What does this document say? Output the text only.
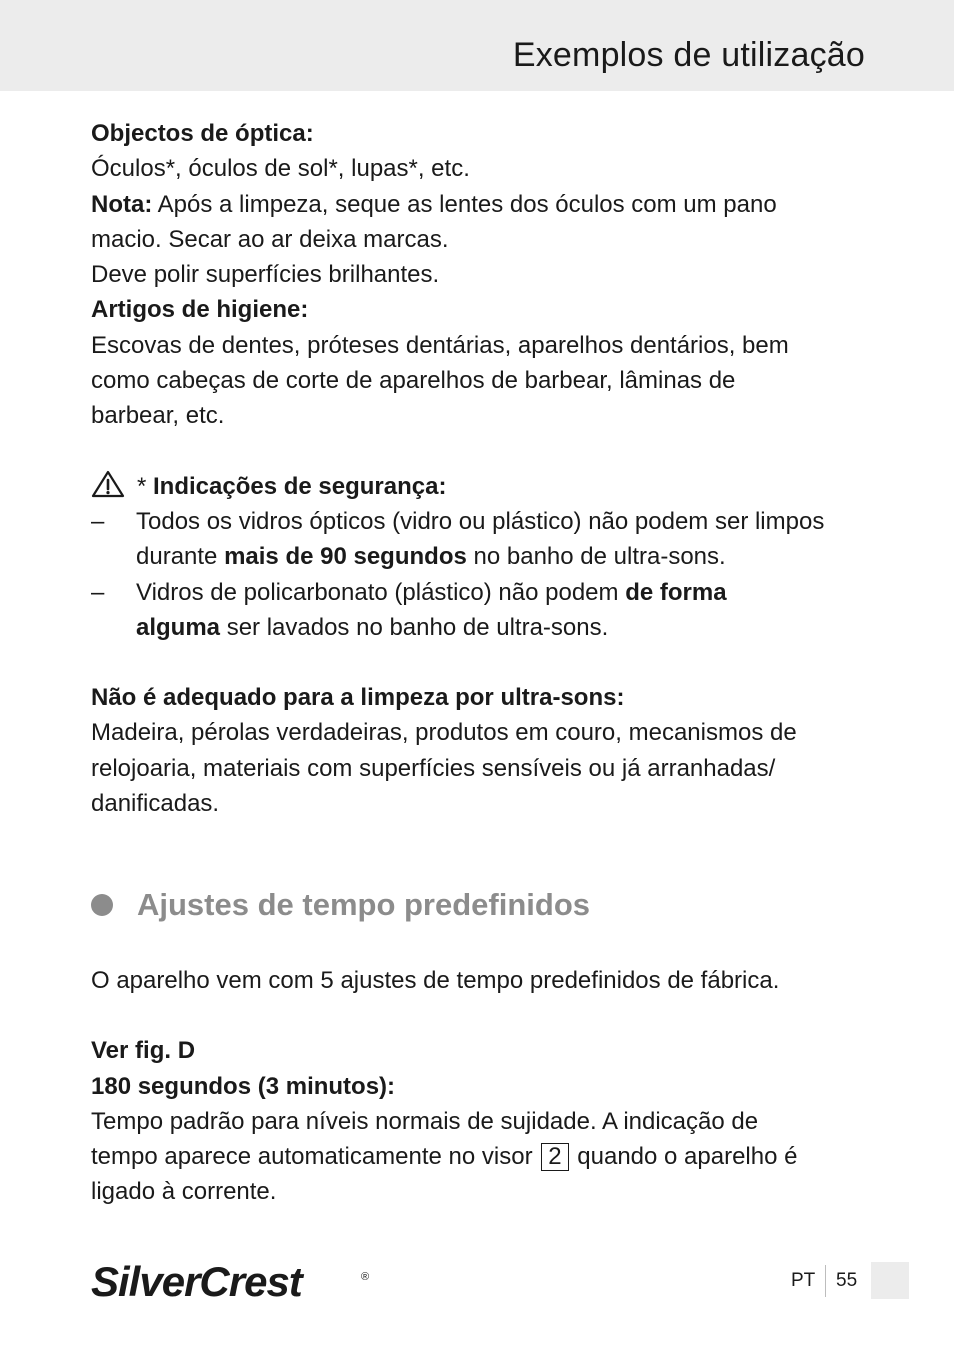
Exemplos de utilização
Objectos de óptica:
Óculos*, óculos de sol*, lupas*, etc.
Nota: Após a limpeza, seque as lentes dos óculos com um pano
macio. Secar ao ar deixa marcas.
Deve polir superfícies brilhantes.
Artigos de higiene:
Escovas de dentes, próteses dentárias, aparelhos dentários, bem
como cabeças de corte de aparelhos de barbear, lâminas de
barbear, etc.
* Indicações de segurança:
– Todos os vidros ópticos (vidro ou plástico) não podem ser limpos
durante mais de 90 segundos no banho de ultra-sons.
– Vidros de policarbonato (plástico) não podem de forma
alguma ser lavados no banho de ultra-sons.
Não é adequado para a limpeza por ultra-sons:
Madeira, pérolas verdadeiras, produtos em couro, mecanismos de
relojoaria, materiais com superfícies sensíveis ou já arranhadas/
danificadas.
Ajustes de tempo predefinidos
O aparelho vem com 5 ajustes de tempo predefinidos de fábrica.
Ver fig. D
180 segundos (3 minutos):
Tempo padrão para níveis normais de sujidade. A indicação de
tempo aparece automaticamente no visor 2 quando o aparelho é
ligado à corrente.
SilverCrest	®	PT 55
